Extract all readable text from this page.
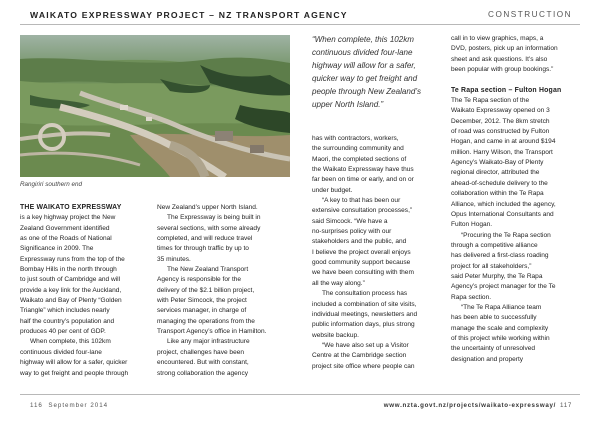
WAIKATO EXPRESSWAY PROJECT – NZ TRANSPORT AGENCY	CONSTRUCTION
Rangiriri southern end

THE WAIKATO EXPRESSWAY

is a key highway project the New
Zealand Government identified
as one of the Roads of National
Significance in 2009. The
Expressway runs from the top of the
Bombay Hills in the north through
to just south of Cambridge and will
provide a key link for the Auckland,
Waikato and Bay of Plenty “Golden
Triangle” which includes nearly
half the country’s population and
produces 40 per cent of GDP.

When complete, this 102km
continuous divided four-lane
highway will allow for a safer, quicker
way to get freight and people through

New Zealand’s upper North Island.

The Expressway is being built in
several sections, with some already
completed, and will reduce travel
times for through traffic by up to
35 minutes.

The New Zealand Transport
Agency is responsible for the
delivery of the $2.1 billion project,
with Peter Simcock, the project
services manager, in charge of
managing the operations from the
Transport Agency’s office in Hamilton.

Like any major infrastructure
project, challenges have been
encountered. But with constant,
strong collaboration the agency

“When complete, this 102km
continuous divided four-lane
highway will allow for a safer,
quicker way to get freight and
people through New Zealand’s
upper North Island.”

has with contractors, workers,
the surrounding community and
Maori, the completed sections of
the Waikato Expressway have thus
far been on time or early, and on or
under budget.

“A key to that has been our
extensive consultation processes,”
said Simcock. “We have a
no-surprises policy with our
stakeholders and the public, and
I believe the project overall enjoys
good community support because
we have been consulting with them
all the way along.”

The consultation process has
included a combination of site visits,
individual meetings, newsletters and
public information days, plus strong
website backup.

“We have also set up a Visitor
Centre at the Cambridge section
project site office where people can

call in to view graphics, maps, a
DVD, posters, pick up an information
sheet and ask questions. It’s also
been popular with group bookings.”

Te Rapa section – Fulton Hogan

The Te Rapa section of the
Waikato Expressway opened on 3
December, 2012. The 8km stretch
of road was constructed by Fulton
Hogan, and came in at around $194
million. Harry Wilson, the Transport
Agency’s Waikato-Bay of Plenty
regional director, attributed the
ahead-of-schedule delivery to the
collaboration within the Te Rapa
Alliance, which included the agency,
Opus International Consultants and
Fulton Hogan.

“Procuring the Te Rapa section
through a competitive alliance
has delivered a first-class roading
project for all stakeholders,”
said Peter Murphy, the Te Rapa
Agency’s project manager for the Te
Rapa section.

“The Te Rapa Alliance team
has been able to successfully
manage the scale and complexity
of this project while working within
the uncertainty of unresolved
designation and property

116 September 2014	www.nzta.govt.nz/projects/waikato-expressway/ 117
